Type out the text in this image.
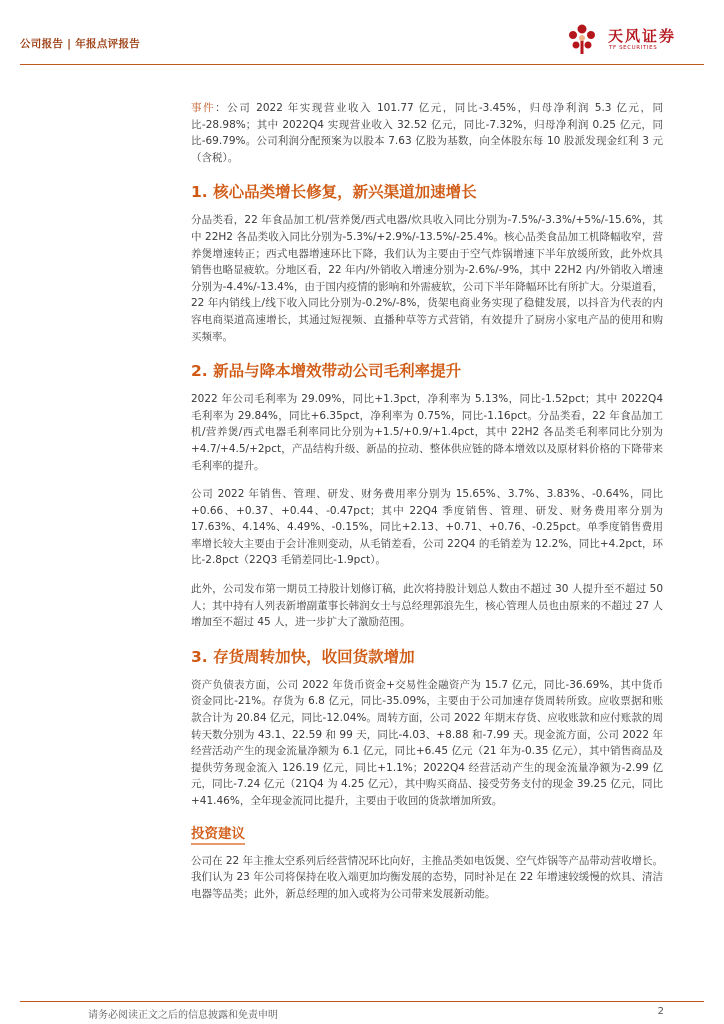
公司报告 | 年报点评报告	天风证券
TF SECURITIES

事件：公司 2022 年实现营业收入 101.77 亿元，同比-3.45%，归母净利润 5.3 亿元，同比-28.98%；其中 2022Q4 实现营业收入 32.52 亿元，同比-7.32%，归母净利润 0.25 亿元，同比-69.79%。公司利润分配预案为以股本 7.63 亿股为基数，向全体股东每 10 股派发现金红利 3 元（含税）。

1. 核心品类增长修复，新兴渠道加速增长

分品类看，22 年食品加工机/营养煲/西式电器/炊具收入同比分别为-7.5%/-3.3%/+5%/-15.6%，其中 22H2 各品类收入同比分别为-5.3%/+2.9%/-13.5%/-25.4%。核心品类食品加工机降幅收窄，营养煲增速转正；西式电器增速环比下降，我们认为主要由于空气炸锅增速下半年放缓所致，此外炊具销售也略显疲软。分地区看，22 年内/外销收入增速分别为-2.6%/-9%，其中 22H2 内/外销收入增速分别为-4.4%/-13.4%，由于国内疫情的影响和外需疲软，公司下半年降幅环比有所扩大。分渠道看，22 年内销线上/线下收入同比分别为-0.2%/-8%，货架电商业务实现了稳健发展，以抖音为代表的内容电商渠道高速增长，其通过短视频、直播种草等方式营销，有效提升了厨房小家电产品的使用和购买频率。

2. 新品与降本增效带动公司毛利率提升

2022 年公司毛利率为 29.09%，同比+1.3pct，净利率为 5.13%，同比-1.52pct；其中 2022Q4 毛利率为 29.84%，同比+6.35pct，净利率为 0.75%，同比-1.16pct。分品类看，22 年食品加工机/营养煲/西式电器毛利率同比分别为+1.5/+0.9/+1.4pct，其中 22H2 各品类毛利率同比分别为+4.7/+4.5/+2pct，产品结构升级、新品的拉动、整体供应链的降本增效以及原材料价格的下降带来毛利率的提升。

公司 2022 年销售、管理、研发、财务费用率分别为 15.65%、3.7%、3.83%、-0.64%，同比+0.66、+0.37、+0.44、-0.47pct；其中 22Q4 季度销售、管理、研发、财务费用率分别为 17.63%、4.14%、4.49%、-0.15%，同比+2.13、+0.71、+0.76、-0.25pct。单季度销售费用率增长较大主要由于会计准则变动，从毛销差看，公司 22Q4 的毛销差为 12.2%，同比+4.2pct，环比-2.8pct（22Q3 毛销差同比-1.9pct）。

此外，公司发布第一期员工持股计划修订稿，此次将持股计划总人数由不超过 30 人提升至不超过 50 人；其中持有人列表新增副董事长韩润女士与总经理郭浪先生，核心管理人员也由原来的不超过 27 人增加至不超过 45 人，进一步扩大了激励范围。

3. 存货周转加快，收回货款增加

资产负债表方面，公司 2022 年货币资金+交易性金融资产为 15.7 亿元，同比-36.69%，其中货币资金同比-21%。存货为 6.8 亿元，同比-35.09%，主要由于公司加速存货周转所致。应收票据和账款合计为 20.84 亿元，同比-12.04%。周转方面，公司 2022 年期末存货、应收账款和应付账款的周转天数分别为 43.1、22.59 和 99 天，同比-4.03、+8.88 和-7.99 天。现金流方面，公司 2022 年经营活动产生的现金流量净额为 6.1 亿元，同比+6.45 亿元（21 年为-0.35 亿元），其中销售商品及提供劳务现金流入 126.19 亿元，同比+1.1%；2022Q4 经营活动产生的现金流量净额为-2.99 亿元，同比-7.24 亿元（21Q4 为 4.25 亿元），其中购买商品、接受劳务支付的现金 39.25 亿元，同比+41.46%，全年现金流同比提升，主要由于收回的货款增加所致。

投资建议

公司在 22 年主推太空系列后经营情况环比向好，主推品类如电饭煲、空气炸锅等产品带动营收增长。我们认为 23 年公司将保持在收入端更加均衡发展的态势，同时补足在 22 年增速较缓慢的炊具、清洁电器等品类；此外，新总经理的加入或将为公司带来发展新动能。

请务必阅读正文之后的信息披露和免责申明	2
